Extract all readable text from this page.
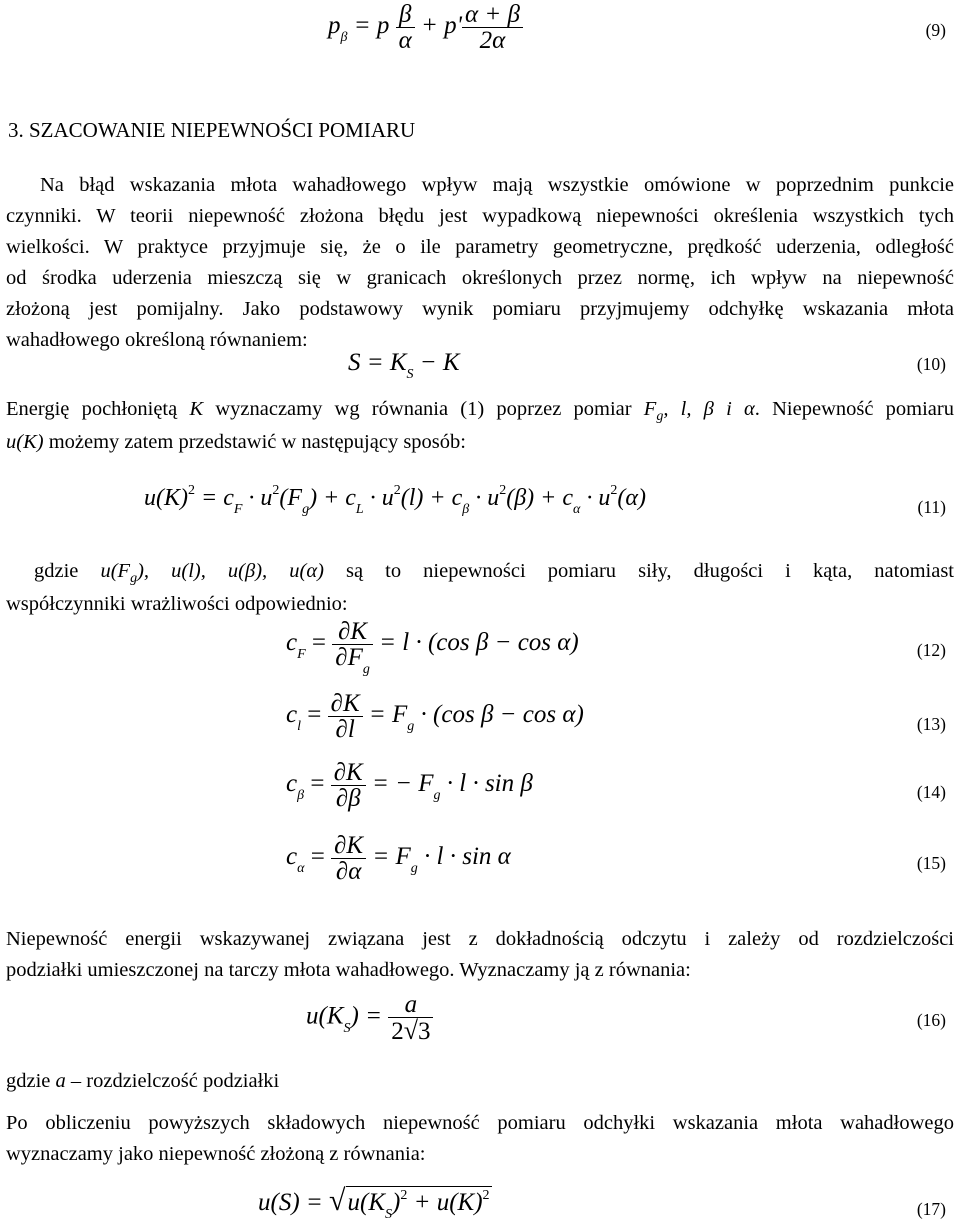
$p_\beta = p \frac{\beta}{\alpha} + p' \frac{\alpha + \beta}{2\alpha}$	(9)
3. SZACOWANIE NIEPEWNOŚCI POMIARU
Na błąd wskazania młota wahadłowego wpływ mają wszystkie omówione w poprzednim punkcie
czynniki. W teorii niepewność złożona błędu jest wypadkową niepewności określenia wszystkich tych
wielkości. W praktyce przyjmuje się, że o ile parametry geometryczne, prędkość uderzenia, odległość
od środka uderzenia mieszczą się w granicach określonych przez normę, ich wpływ na niepewność
złożoną jest pomijalny. Jako podstawowy wynik pomiaru przyjmujemy odchyłkę wskazania młota
wahadłowego określoną równaniem:
$S = K_S - K$	(10)
Energię pochłoniętą K wyznaczamy wg równania (1) poprzez pomiar $F_g$, l, β i α. Niepewność pomiaru
u(K) możemy zatem przedstawić w następujący sposób:
$u(K)^2 = c_F \cdot u^2(F_g) + c_L \cdot u^2(l) + c_\beta \cdot u^2(\beta) + c_\alpha \cdot u^2(\alpha)$	(11)
gdzie $u(F_g)$, u(l), u(β), u(α) są to niepewności pomiaru siły, długości i kąta, natomiast
współczynniki wrażliwości odpowiednio:
$c_F = \frac{\partial K}{\partial F_g} = l \cdot (\cos$ β − cos α)	(12)
$c_l = \frac{\partial K}{\partial l} = F_g \cdot (\cos$ β − cos α)	(13)
$c_\beta = \frac{\partial K}{\partial\beta}$ = − $F_g \cdot l \cdot \sin \beta$	(14)
$c_\alpha = \frac{\partial K}{\partial\alpha} = F_g \cdot l \cdot \sin \alpha$	(15)
Niepewność energii wskazywanej związana jest z dokładnością odczytu i zależy od rozdzielczości
podziałki umieszczonej na tarczy młota wahadłowego. Wyznaczamy ją z równania:
$u(K_S) = \frac{a}{2√3}$	(16)
gdzie a – rozdzielczość podziałki
Po obliczeniu powyższych składowych niepewność pomiaru odchyłki wskazania młota wahadłowego
wyznaczamy jako niepewność złożoną z równania:
$u(S) = √u(K_S)^2 + u(K)^2$
(17)
